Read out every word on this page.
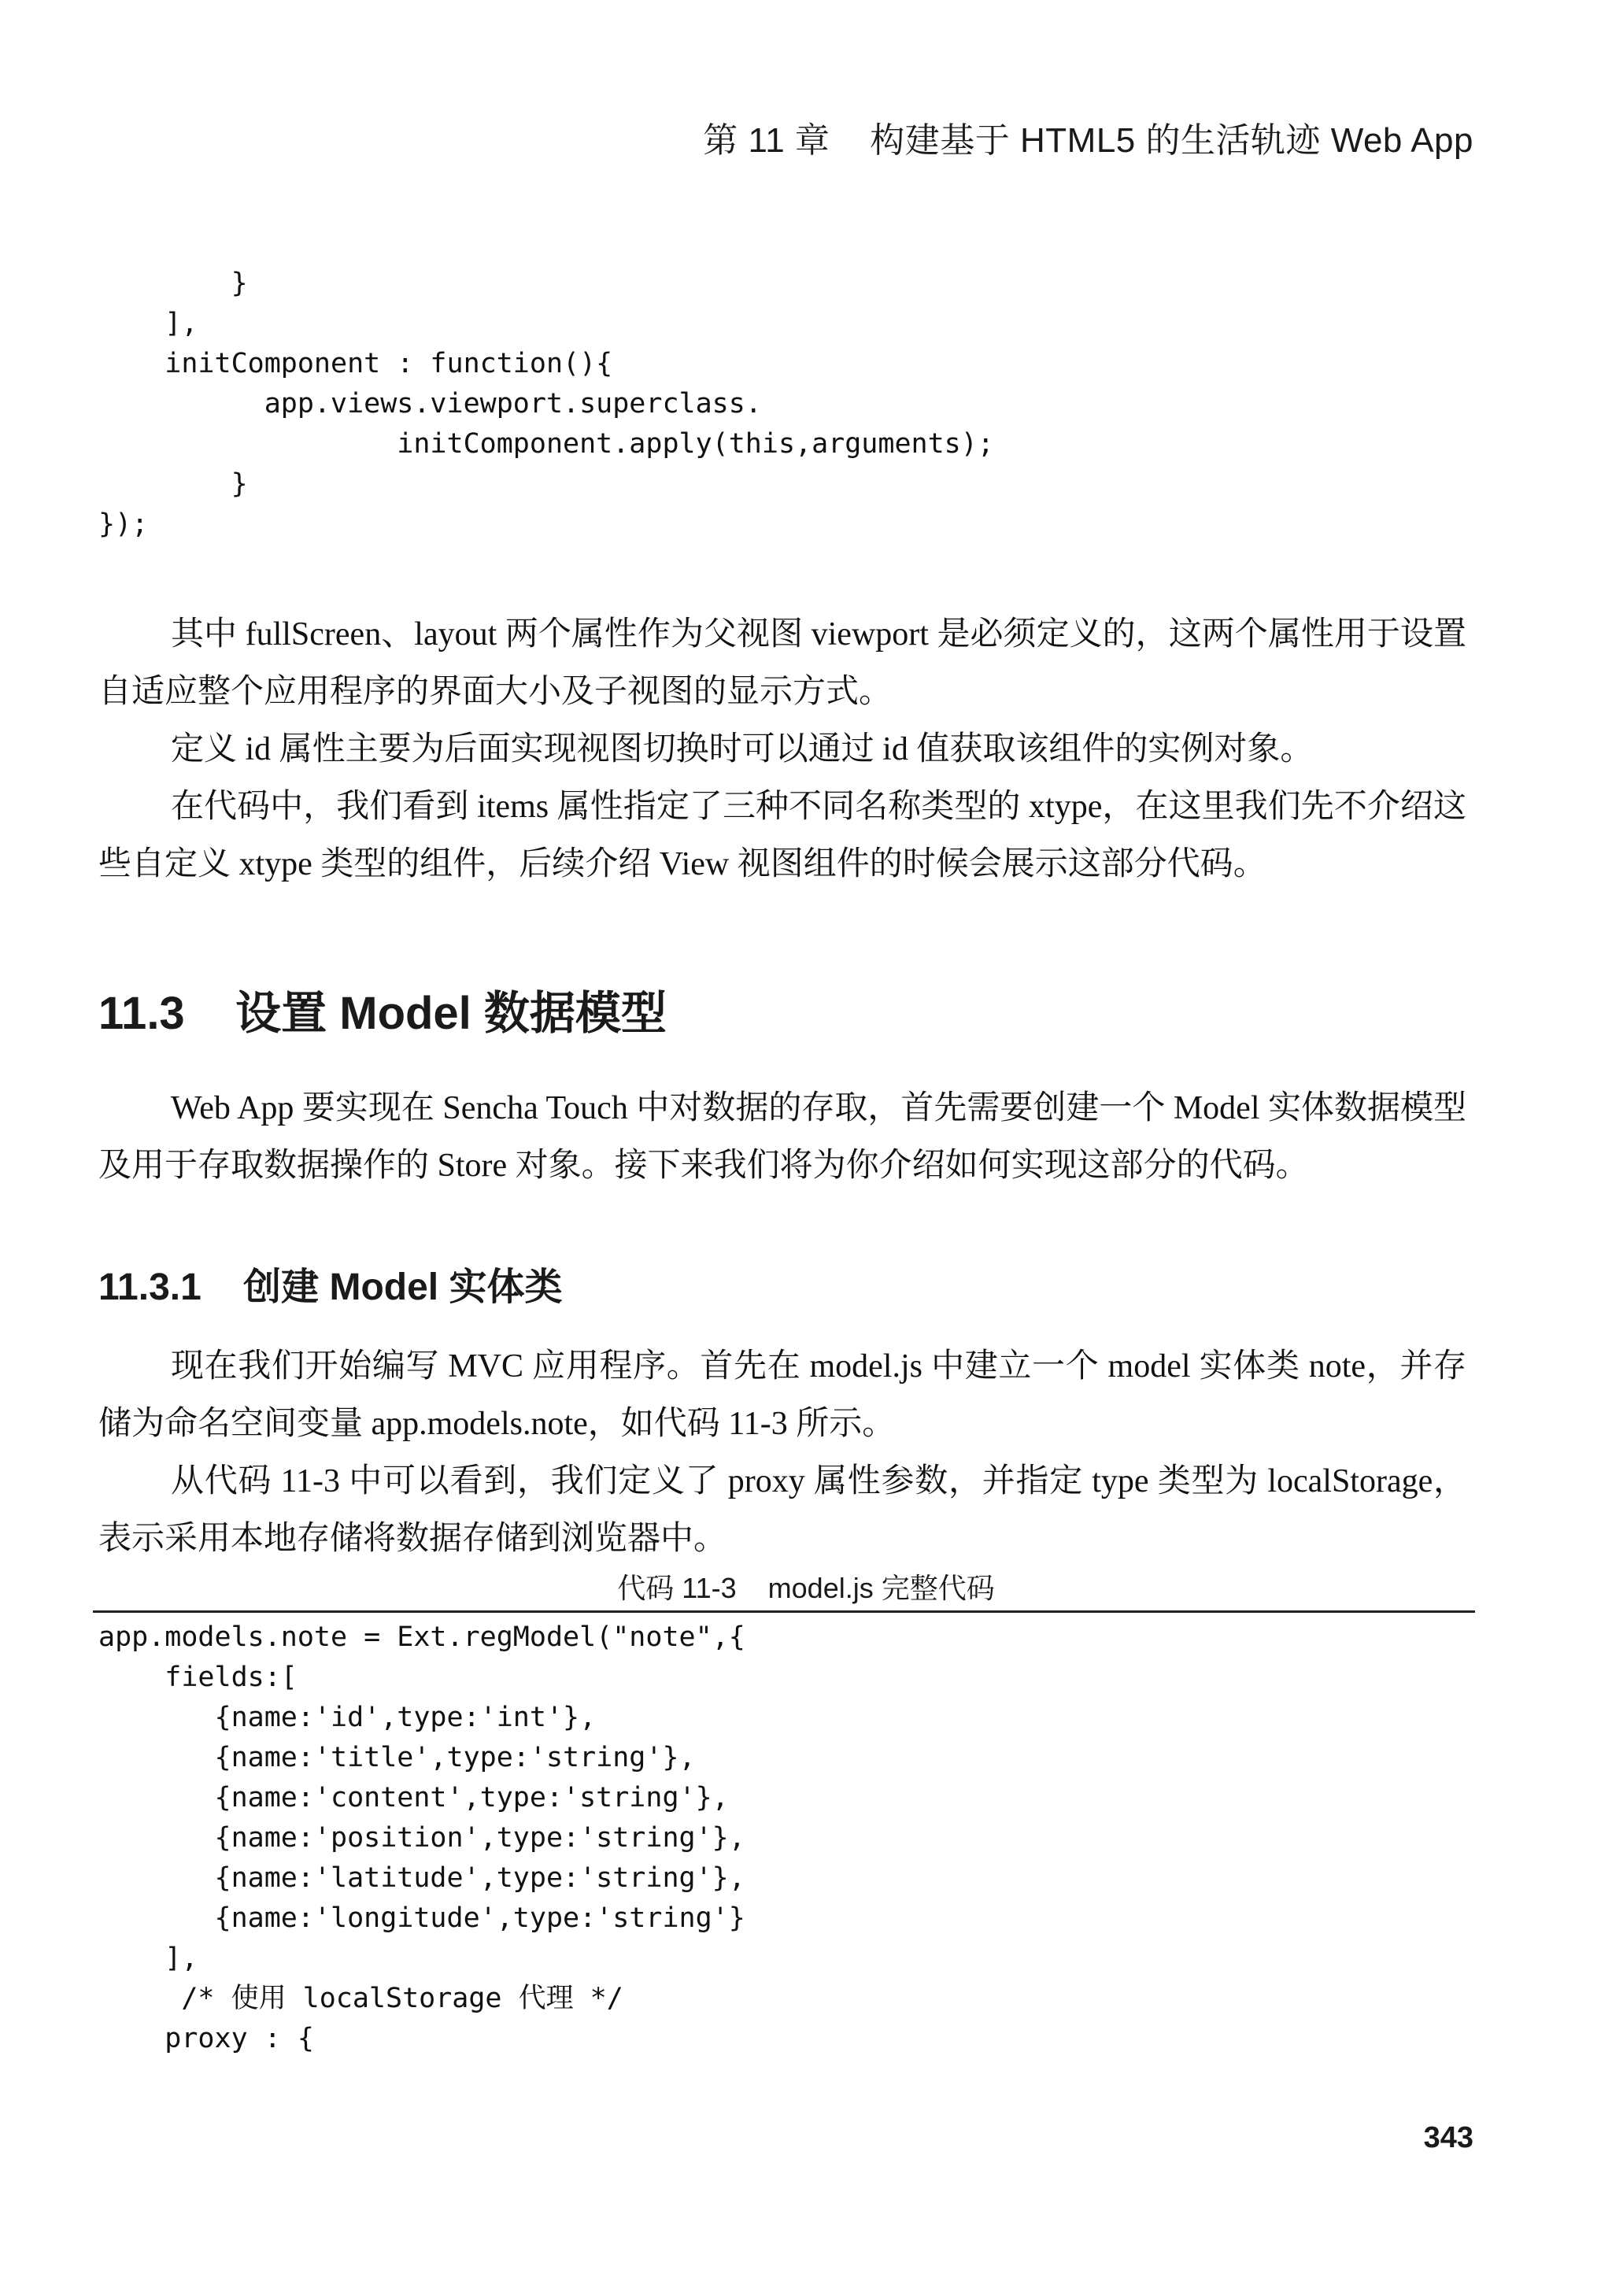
第 11 章    构建基于 HTML5 的生活轨迹 Web App
}
],
initComponent : function(){
app.views.viewport.superclass.
initComponent.apply(this,arguments);
}
});

其中 fullScreen、layout 两个属性作为父视图 viewport 是必须定义的，这两个属性用于设置自适应整个应用程序的界面大小及子视图的显示方式。

定义 id 属性主要为后面实现视图切换时可以通过 id 值获取该组件的实例对象。

在代码中，我们看到 items 属性指定了三种不同名称类型的 xtype，在这里我们先不介绍这些自定义 xtype 类型的组件，后续介绍 View 视图组件的时候会展示这部分代码。

11.3    设置 Model 数据模型

Web App 要实现在 Sencha Touch 中对数据的存取，首先需要创建一个 Model 实体数据模型及用于存取数据操作的 Store 对象。接下来我们将为你介绍如何实现这部分的代码。

11.3.1    创建 Model 实体类

现在我们开始编写 MVC 应用程序。首先在 model.js 中建立一个 model 实体类 note，并存储为命名空间变量 app.models.note，如代码 11-3 所示。

从代码 11-3 中可以看到，我们定义了 proxy 属性参数，并指定 type 类型为 localStorage，表示采用本地存储将数据存储到浏览器中。

代码 11-3    model.js 完整代码
app.models.note = Ext.regModel("note",{
fields:[
{name:'id',type:'int'},
{name:'title',type:'string'},
{name:'content',type:'string'},
{name:'position',type:'string'},
{name:'latitude',type:'string'},
{name:'longitude',type:'string'}
],
/* 使用 localStorage 代理 */
proxy : {
343
